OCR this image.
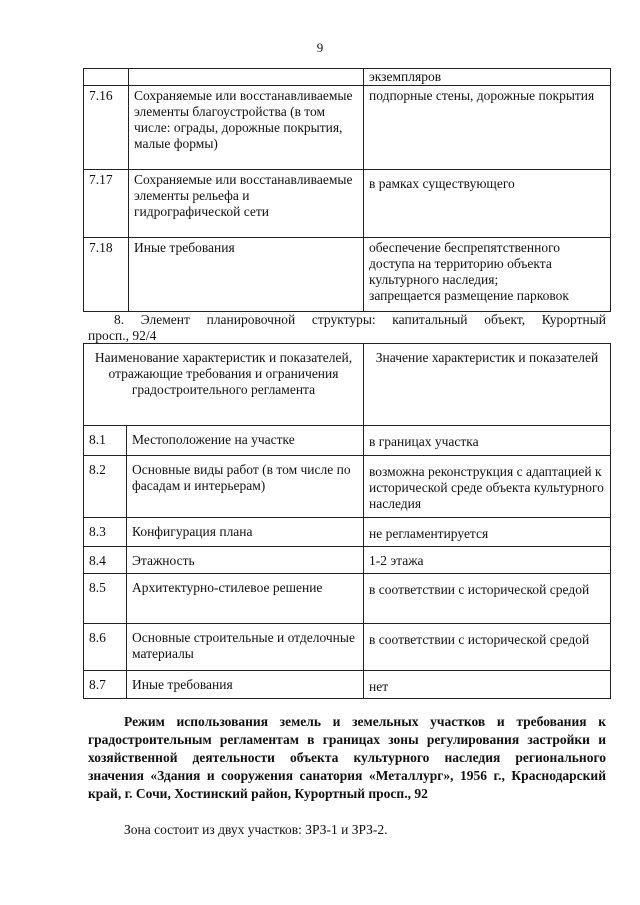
9
		экземпляров
7.16	Сохраняемые или восстанавливаемые элементы благоустройства (в том числе: ограды, дорожные покрытия, малые формы)	подпорные стены, дорожные покрытия
7.17	Сохраняемые или восстанавливаемые элементы рельефа и гидрографической сети	в рамках существующего
7.18	Иные требования	обеспечение беспрепятственного доступа на территорию объекта культурного наследия;
запрещается размещение парковок
8. Элемент планировочной структуры: капитальный объект, Курортный
просп., 92/4
Наименование характеристик и показателей, отражающие требования и ограничения градостроительного регламента		Значение характеристик и показателей
8.1	Местоположение на участке	в границах участка
8.2	Основные виды работ (в том числе по фасадам и интерьерам)	возможна реконструкция с адаптацией к исторической среде объекта культурного наследия
8.3	Конфигурация плана	не регламентируется
8.4	Этажность	1-2 этажа
8.5	Архитектурно-стилевое решение	в соответствии с исторической средой
8.6	Основные строительные и отделочные материалы	в соответствии с исторической средой
8.7	Иные требования	нет
Режим использования земель и земельных участков и требования к градостроительным регламентам в границах зоны регулирования застройки и хозяйственной деятельности объекта культурного наследия регионального значения «Здания и сооружения санатория «Металлург», 1956 г., Краснодарский край, г. Сочи, Хостинский район, Курортный просп., 92
Зона состоит из двух участков: ЗРЗ-1 и ЗРЗ-2.
